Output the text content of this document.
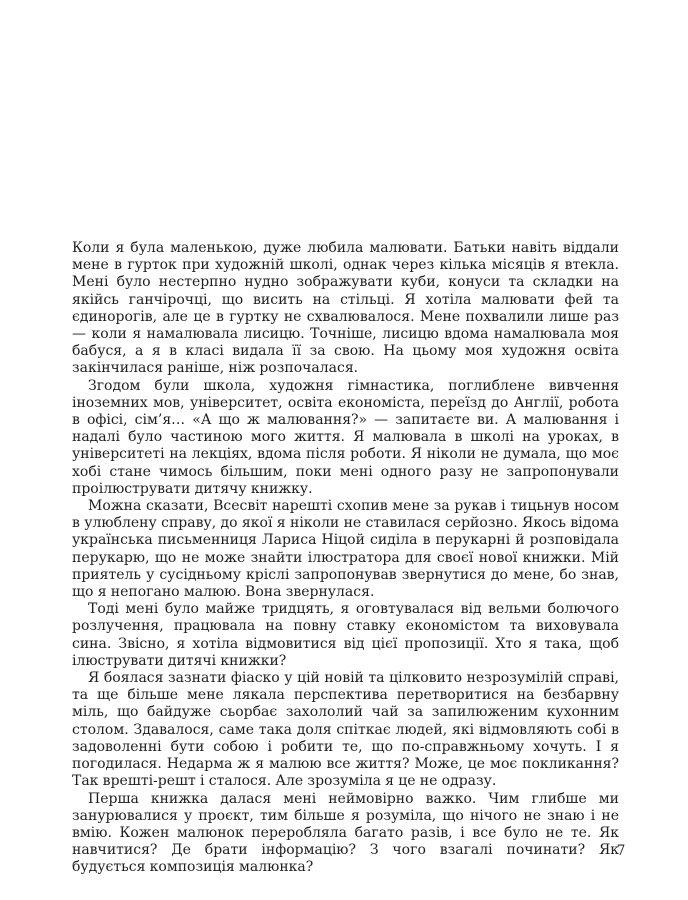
Коли я була маленькою, дуже любила малювати. Батьки навіть віддали мене в гурток при художній школі, однак через кілька місяців я втекла. Мені було нестерпно нудно зображувати куби, конуси та складки на якійсь ганчірочці, що висить на стільці. Я хотіла малювати фей та єдинорогів, але це в гуртку не схвалювалося. Мене похвалили лише раз — коли я намалювала лисицю. Точніше, лисицю вдома намалювала моя бабуся, а я в класі видала її за свою. На цьому моя художня освіта закінчилася раніше, ніж розпочалася.

Згодом були школа, художня гімнастика, поглиблене вивчення іноземних мов, університет, освіта економіста, переїзд до Англії, робота в офісі, сім’я… «А що ж малювання?» — запитаєте ви. А малювання і надалі було частиною мого життя. Я малювала в школі на уроках, в університеті на лекціях, вдома після роботи. Я ніколи не думала, що моє хобі стане чимось більшим, поки мені одного разу не запропонували проілюструвати дитячу книжку.

Можна сказати, Всесвіт нарешті схопив мене за рукав і тицьнув носом в улюблену справу, до якої я ніколи не ставилася серйозно. Якось відома українська письменниця Лариса Ніцой сиділа в перукарні й розповідала перукарю, що не може знайти ілюстратора для своєї нової книжки. Мій приятель у сусідньому кріслі запропонував звернутися до мене, бо знав, що я непогано малюю. Вона звернулася.

Тоді мені було майже тридцять, я оговтувалася від вельми болючого розлучення, працювала на повну ставку економістом та виховувала сина. Звісно, я хотіла відмовитися від цієї пропозиції. Хто я така, щоб ілюструвати дитячі книжки?

Я боялася зазнати фіаско у цій новій та цілковито незрозумілій справі, та ще більше мене лякала перспектива перетворитися на безбарвну міль, що байдуже сьорбає захололий чай за запилюженим кухонним столом. Здавалося, саме така доля спіткає людей, які відмовляють собі в задоволенні бути собою і робити те, що по-справжньому хочуть. І я погодилася. Недарма ж я малюю все життя? Може, це моє покликання? Так врешті-решт і сталося. Але зрозуміла я це не одразу.

Перша книжка далася мені неймовірно важко. Чим глибше ми занурювалися у проєкт, тим більше я розуміла, що нічого не знаю і не вмію. Кожен малюнок переробляла багато разів, і все було не те. Як навчитися? Де брати інформацію? З чого взагалі починати? Як будується композиція малюнка?

7
